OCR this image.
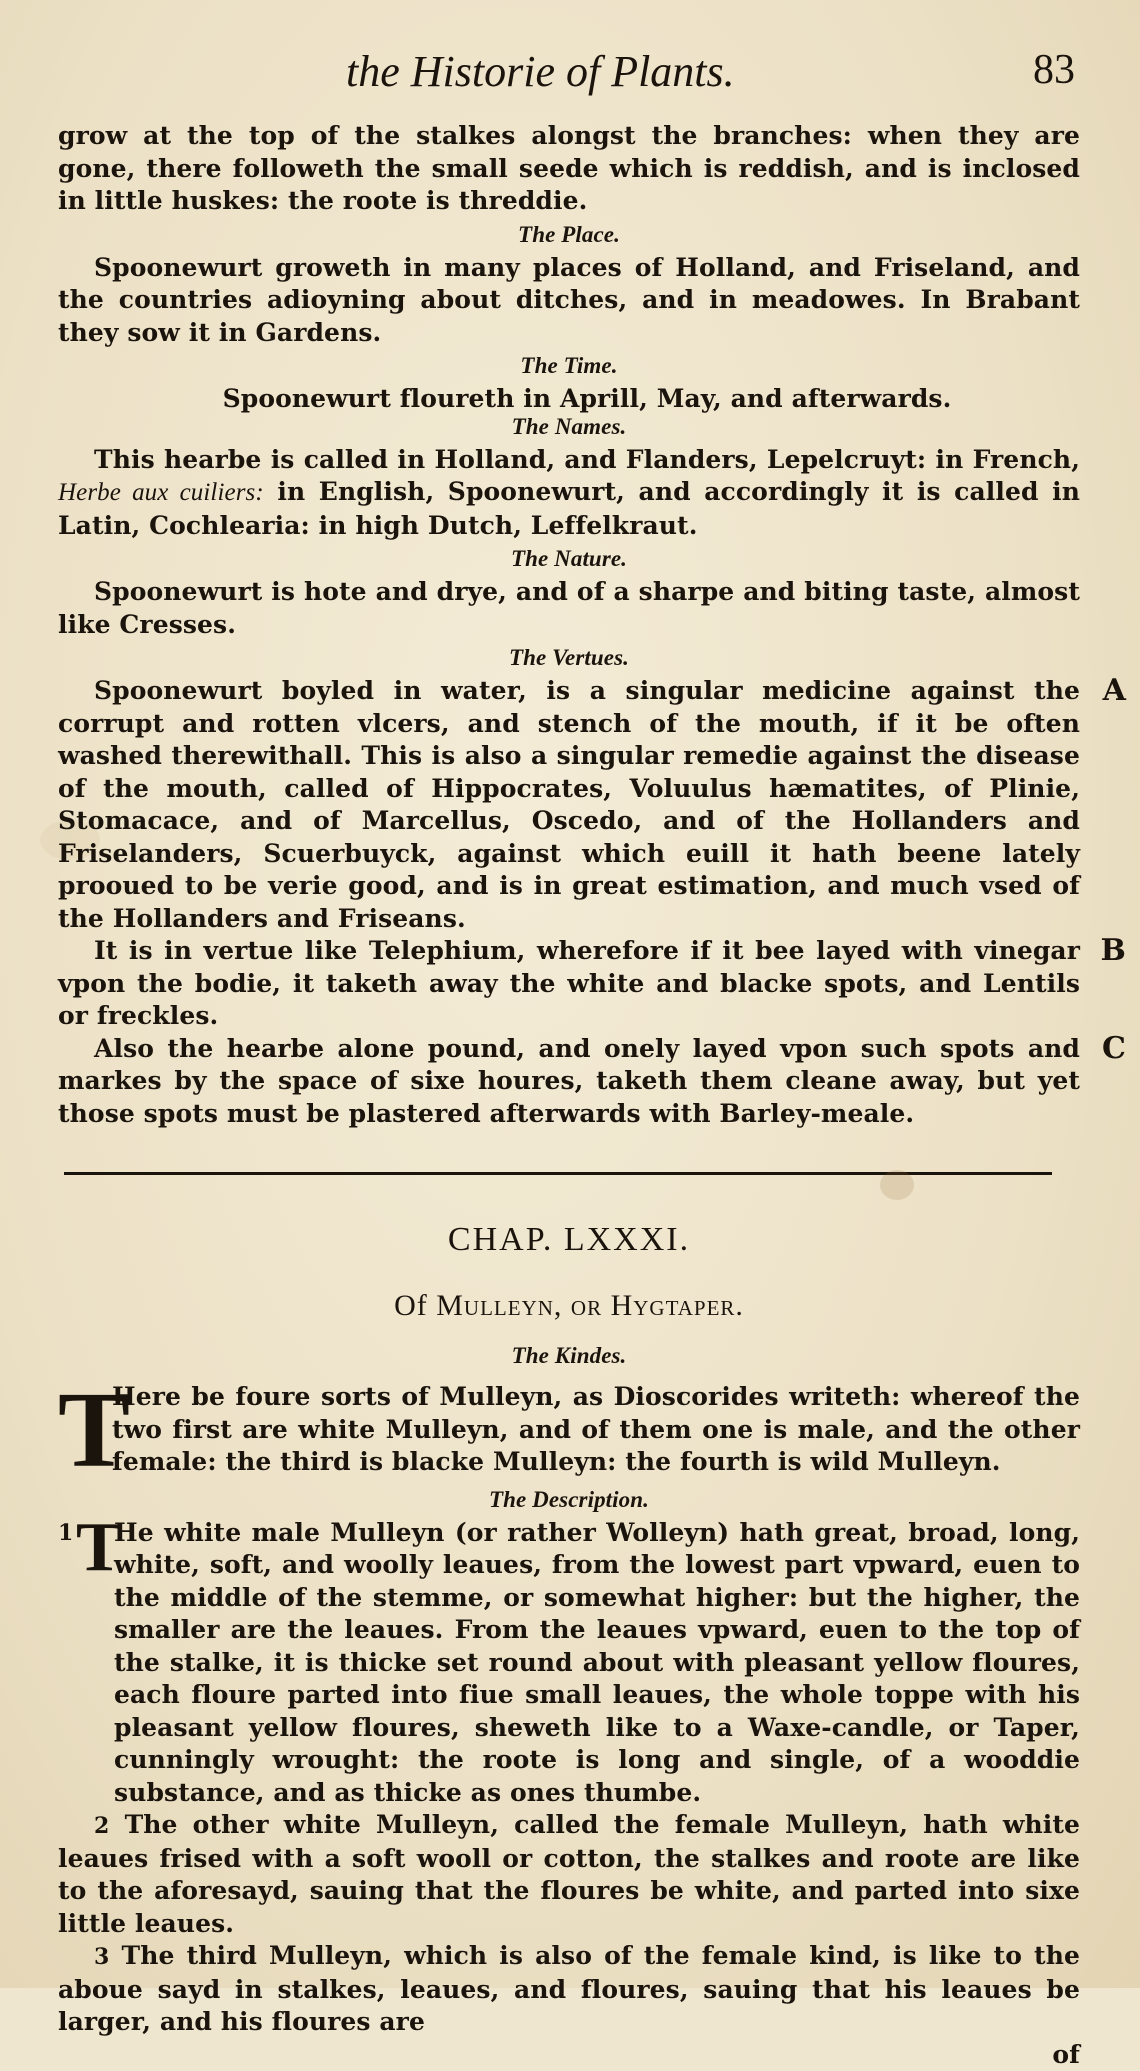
the Historie of Plants.	83

grow at the top of the stalkes alongst the branches: when they are gone, there followeth the small seede which is reddish, and is inclosed in little huskes: the roote is threddie.

The Place.

Spoonewurt groweth in many places of Holland, and Friseland, and the countries adioyning about ditches, and in meadowes. In Brabant they sow it in Gardens.

The Time.

Spoonewurt floureth in Aprill, May, and afterwards.

The Names.

This hearbe is called in Holland, and Flanders, Lepelcruyt: in French, Herbe aux cuiliers: in English, Spoonewurt, and accordingly it is called in Latin, Cochlearia: in high Dutch, Leffelkraut.

The Nature.

Spoonewurt is hote and drye, and of a sharpe and biting taste, almost like Cresses.

The Vertues.
A

Spoonewurt boyled in water, is a singular medicine against the corrupt and rotten vlcers, and stench of the mouth, if it be often washed therewithall. This is also a singular remedie against the disease of the mouth, called of Hippocrates, Voluulus hæmatites, of Plinie, Stomacace, and of Marcellus, Oscedo, and of the Hollanders and Friselanders, Scuerbuyck, against which euill it hath beene lately prooued to be verie good, and is in great estimation, and much vsed of the Hollanders and Friseans.

B

It is in vertue like Telephium, wherefore if it bee layed with vinegar vpon the bodie, it taketh away the white and blacke spots, and Lentils or freckles.

C

Also the hearbe alone pound, and onely layed vpon such spots and markes by the space of sixe houres, taketh them cleane away, but yet those spots must be plastered afterwards with Barley-meale.

CHAP. LXXXI.
Of Mulleyn, or Hygtaper.
The Kindes.
T

Here be foure sorts of Mulleyn, as Dioscorides writeth: whereof the two first are white Mulleyn, and of them one is male, and the other female: the third is blacke Mulleyn: the fourth is wild Mulleyn.

The Description.
1 T

He white male Mulleyn (or rather Wolleyn) hath great, broad, long, white, soft, and woolly leaues, from the lowest part vpward, euen to the middle of the stemme, or somewhat higher: but the higher, the smaller are the leaues. From the leaues vpward, euen to the top of the stalke, it is thicke set round about with pleasant yellow floures, each floure parted into fiue small leaues, the whole toppe with his pleasant yellow floures, sheweth like to a Waxe-candle, or Taper, cunningly wrought: the roote is long and single, of a wooddie substance, and as thicke as ones thumbe.

2 The other white Mulleyn, called the female Mulleyn, hath white leaues frised with a soft wooll or cotton, the stalkes and roote are like to the aforesayd, sauing that the floures be white, and parted into sixe little leaues.

3 The third Mulleyn, which is also of the female kind, is like to the aboue sayd in stalkes, leaues, and floures, sauing that his leaues be larger, and his floures are

of
